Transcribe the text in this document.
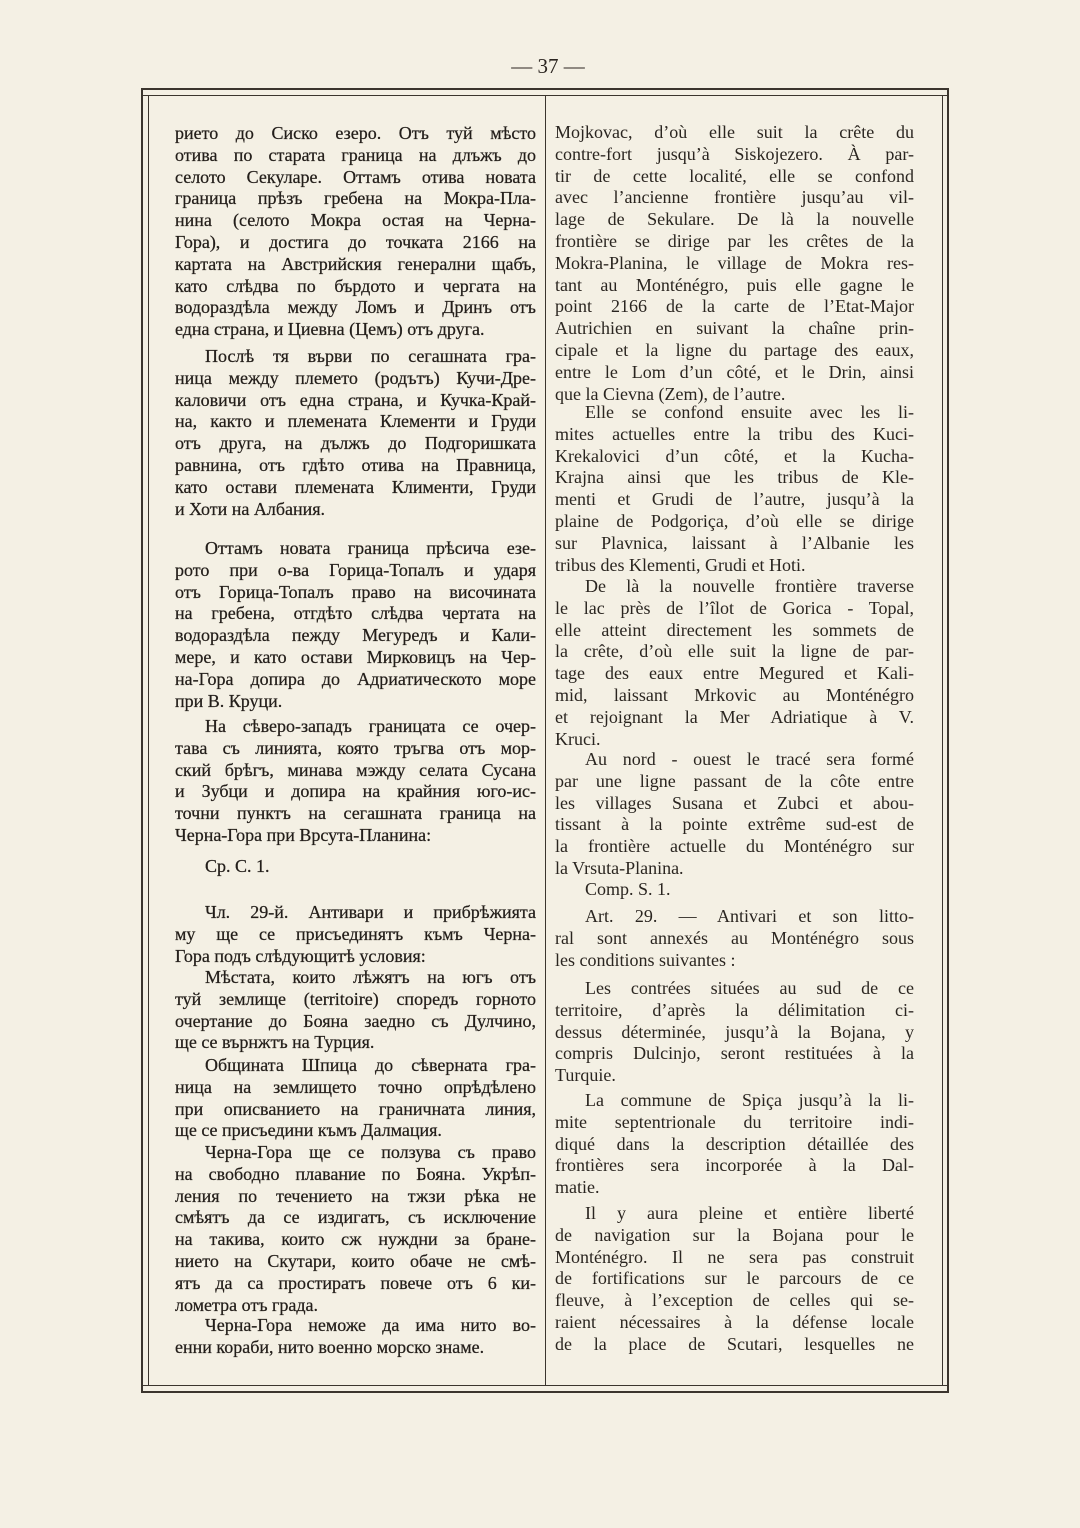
— 37 —
рието до Сиско езеро. Отъ туй мѣсто
отива по старата граница на длъжъ до
селото Секуларе. Оттамъ отива новата
граница прѣзъ гребена на Мокра-Пла-
нина (селото Мокра остая на Черна-
Гора), и достига до точката 2166 на
картата на Австрийския генерални щабъ,
като слѣдва по бърдото и чергата на
водораздѣла между Ломъ и Дринъ отъ
една страна, и Циевна (Цемъ) отъ друга.
Послѣ тя върви по сегашната гра-
ница между племето (родътъ) Кучи-Дре-
каловичи отъ една страна, и Кучка-Край-
на, както и племената Клементи и Груди
отъ друга, на дължъ до Подгоришката
равнина, отъ гдѣто отива на Правница,
като остави племената Клименти, Груди
и Хоти на Албания.
Оттамъ новата граница прѣсича езе-
рото при о-ва Горица-Топалъ и ударя
отъ Горица-Топалъ право на височината
на гребена, отгдѣто слѣдва чертата на
водораздѣла пежду Мегуредъ и Кали-
мере, и като остави Мирковицъ на Чер-
на-Гора допира до Адриатическото море
при В. Круци.
На сѣверо-западъ границата се очер-
тава съ линията, която тръгва отъ мор-
ский брѣгъ, минава мэжду селата Сусана
и Зубци и допира на крайния юго-ис-
точни пунктъ на сегашната граница на
Черна-Гора при Врсута-Планина:
Ср. С. 1.
Чл. 29-й. Антивари и прибрѣжията
му ще се присъединятъ къмъ Черна-
Гора подъ слѣдующитѣ условия:
Мѣстата, които лѣжятъ на югъ отъ
туй землище (territoire) споредъ горното
очертание до Бояна заедно съ Дулчино,
ще се върнжтъ на Турция.
Общината Шпица до сѣверната гра-
ница на землището точно опрѣдѣлено
при описванието на граничната линия,
ще се присъедини къмъ Далмация.
Черна-Гора ще се ползува съ право
на свободно плавание по Бояна. Укрѣп-
ления по течението на тжзи рѣка не
смѣятъ да се издигатъ, съ исключение
на такива, които сж нуждни за бране-
нието на Скутари, които обаче не смѣ-
ятъ да са простиратъ повече отъ 6 ки-
лометра отъ града.
Черна-Гора неможе да има нито во-
енни кораби, нито военно морско знаме.
Mojkovac, d’où elle suit la crête du
contre-fort jusqu’à Siskojezero. À par-
tir de cette localité, elle se confond
avec l’ancienne frontière jusqu’au vil-
lage de Sekulare. De là la nouvelle
frontière se dirige par les crêtes de la
Mokra-Planina, le village de Mokra res-
tant au Monténégro, puis elle gagne le
point 2166 de la carte de l’Etat-Major
Autrichien en suivant la chaîne prin-
cipale et la ligne du partage des eaux,
entre le Lom d’un côté, et le Drin, ainsi
que la Cievna (Zem), de l’autre.
Elle se confond ensuite avec les li-
mites actuelles entre la tribu des Kuci-
Krekalovici d’un côté, et la Kucha-
Krajna ainsi que les tribus de Kle-
menti et Grudi de l’autre, jusqu’à la
plaine de Podgoriça, d’où elle se dirige
sur Plavnica, laissant à l’Albanie les
tribus des Klementi, Grudi et Hoti.
De là la nouvelle frontière traverse
le lac près de l’îlot de Gorica - Topal,
elle atteint directement les sommets de
la crête, d’où elle suit la ligne de par-
tage des eaux entre Megured et Kali-
mid, laissant Mrkovic au Monténégro
et rejoignant la Mer Adriatique à V.
Kruci.
Au nord - ouest le tracé sera formé
par une ligne passant de la côte entre
les villages Susana et Zubci et abou-
tissant à la pointe extrême sud-est de
la frontière actuelle du Monténégro sur
la Vrsuta-Planina.
Comp. S. 1.
Art. 29. — Antivari et son litto-
ral sont annexés au Monténégro sous
les conditions suivantes :
Les contrées situées au sud de ce
territoire, d’après la délimitation ci-
dessus déterminée, jusqu’à la Bojana, y
compris Dulcinjo, seront restituées à la
Turquie.
La commune de Spiça jusqu’à la li-
mite septentrionale du territoire indi-
diqué dans la description détaillée des
frontières sera incorporée à la Dal-
matie.
Il y aura pleine et entière liberté
de navigation sur la Bojana pour le
Monténégro. Il ne sera pas construit
de fortifications sur le parcours de ce
fleuve, à l’exception de celles qui se-
raient nécessaires à la défense locale
de la place de Scutari, lesquelles ne
